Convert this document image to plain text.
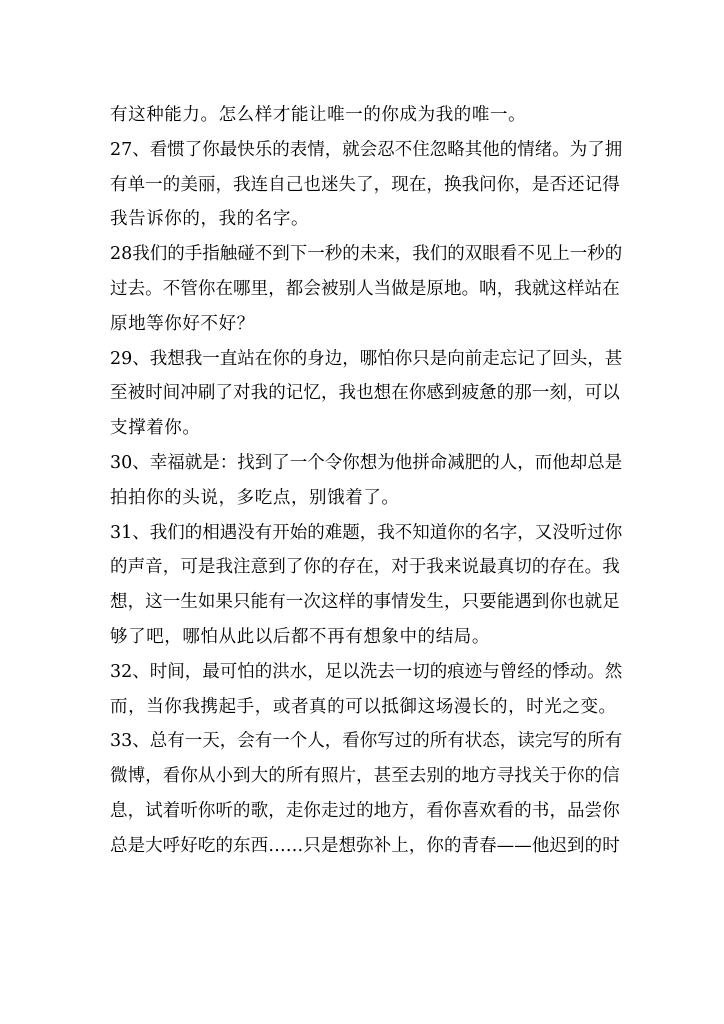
有 这 种 能 力 。 怎 么 样 才 能 让 唯 一 的 你 成 为 我 的 唯 一 。
27 、 看 惯 了 你 最 快 乐 的 表 情 ， 就 会 忍 不 住 忽 略 其 他 的 情 绪 。 为 了 拥
有 单 一 的 美 丽 ， 我 连 自 己 也 迷 失 了 ， 现 在 ， 换 我 问 你 ， 是 否 还 记 得
我 告 诉 你 的 ， 我 的 名 字 。
28 我 们 的 手 指 触 碰 不 到 下 一 秒 的 未 来 ， 我 们 的 双 眼 看 不 见 上 一 秒 的
过 去 。 不 管 你 在 哪 里 ， 都 会 被 别 人 当 做 是 原 地 。 呐 ， 我 就 这 样 站 在
原 地 等 你 好 不 好 ？
29 、 我 想 我 一 直 站 在 你 的 身 边 ， 哪 怕 你 只 是 向 前 走 忘 记 了 回 头 ， 甚
至 被 时 间 冲 刷 了 对 我 的 记 忆 ， 我 也 想 在 你 感 到 疲 惫 的 那 一 刻 ， 可 以
支 撑 着 你 。
30 、 幸 福 就 是 ： 找 到 了 一 个 令 你 想 为 他 拼 命 减 肥 的 人 ， 而 他 却 总 是
拍 拍 你 的 头 说 ， 多 吃 点 ， 别 饿 着 了 。
31 、 我 们 的 相 遇 没 有 开 始 的 难 题 ， 我 不 知 道 你 的 名 字 ， 又 没 听 过 你
的 声 音 ， 可 是 我 注 意 到 了 你 的 存 在 ， 对 于 我 来 说 最 真 切 的 存 在 。 我
想 ， 这 一 生 如 果 只 能 有 一 次 这 样 的 事 情 发 生 ， 只 要 能 遇 到 你 也 就 足
够 了 吧 ， 哪 怕 从 此 以 后 都 不 再 有 想 象 中 的 结 局 。
32 、 时 间 ， 最 可 怕 的 洪 水 ， 足 以 洗 去 一 切 的 痕 迹 与 曾 经 的 悸 动 。 然
而 ， 当 你 我 携 起 手 ， 或 者 真 的 可 以 抵 御 这 场 漫 长 的 ， 时 光 之 变 。
33 、 总 有 一 天 ， 会 有 一 个 人 ， 看 你 写 过 的 所 有 状 态 ， 读 完 写 的 所 有
微 博 ， 看 你 从 小 到 大 的 所 有 照 片 ， 甚 至 去 别 的 地 方 寻 找 关 于 你 的 信
息 ， 试 着 听 你 听 的 歌 ， 走 你 走 过 的 地 方 ， 看 你 喜 欢 看 的 书 ， 品 尝 你
总 是 大 呼 好 吃 的 东 西 … … 只 是 想 弥 补 上 ， 你 的 青 春 — — 他 迟 到 的 时
